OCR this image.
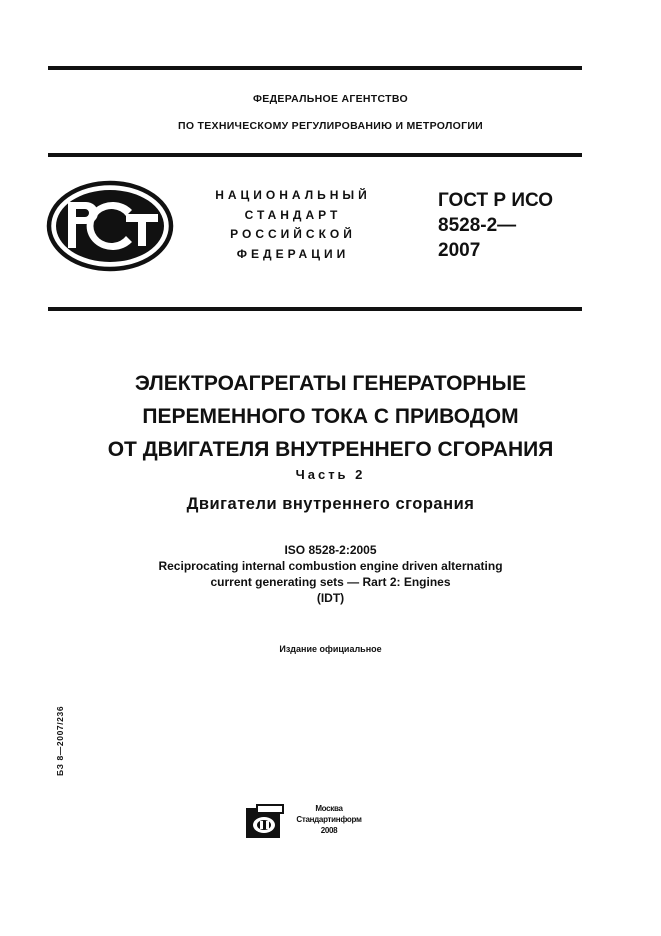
ФЕДЕРАЛЬНОЕ АГЕНТСТВО
ПО ТЕХНИЧЕСКОМУ РЕГУЛИРОВАНИЮ И МЕТРОЛОГИИ
НАЦИОНАЛЬНЫЙ
СТАНДАРТ
РОССИЙСКОЙ
ФЕДЕРАЦИИ
ГОСТ Р ИСО
8528-2—
2007
ЭЛЕКТРОАГРЕГАТЫ ГЕНЕРАТОРНЫЕ
ПЕРЕМЕННОГО ТОКА С ПРИВОДОМ
ОТ ДВИГАТЕЛЯ ВНУТРЕННЕГО СГОРАНИЯ
Часть 2
Двигатели внутреннего сгорания
ISO 8528-2:2005
Reciprocating internal combustion engine driven alternating
current generating sets — Rart 2: Engines
(IDT)
Издание официальное
БЗ 8—2007/236
Москва
Стандартинформ
2008
